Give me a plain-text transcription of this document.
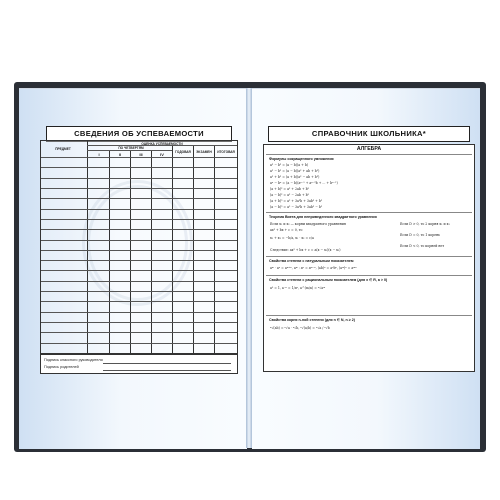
СВЕДЕНИЯ ОБ УСПЕВАЕМОСТИ
ПРЕДМЕТ
ОЦЕНКА УСПЕВАЕМОСТИ
ПО ЧЕТВЕРТЯМ
I	II	III	IV	ГОДОВАЯ	ЭКЗАМЕН	ИТОГОВАЯ
Подпись классного руководителя
Подпись родителей
СПРАВОЧНИК ШКОЛЬНИКА*
АЛГЕБРА
Формулы сокращенного умножения
a² − b² = (a − b)(a + b)
a³ − b³ = (a − b)(a² + ab + b²)
a³ + b³ = (a + b)(a² − ab + b²)
aⁿ − bⁿ = (a − b)(aⁿ⁻¹ + aⁿ⁻²b + ... + bⁿ⁻¹)
(a + b)² = a² + 2ab + b²
(a − b)² = a² − 2ab + b²
(a + b)³ = a³ + 3a²b + 3ab² + b³
(a − b)³ = a³ − 3a²b + 3ab² − b³
Теорема Виета для неприведенного квадратного уравнения
Если x₁ и x₂ — корни квадратного уравнения
ax² + bx + c = 0, то
x₁ + x₂ = −b/a, x₁ · x₂ = c/a
Следствие: ax² + bx + c = a(x − x₁)(x − x₂)
Если D > 0, то 2 корня x₁ и x₂
Если D = 0, то 1 корень
Если D < 0, то корней нет
Свойства степени с натуральным показателем
aᵐ · aⁿ = aᵐ⁺ⁿ, aᵐ : aⁿ = aᵐ⁻ⁿ, (ab)ⁿ = aⁿbⁿ, (aᵐ)ⁿ = aᵐⁿ
Свойства степени с рациональным показателем (для x ∈ R, a > 0)
a⁰ = 1, a⁻ⁿ = 1/aⁿ, a^(m/n) = ⁿ√aᵐ
Свойства корня n-ной степени (для n ∈ N, n ≥ 2)
ⁿ√(ab) = ⁿ√a · ⁿ√b, ⁿ√(a/b) = ⁿ√a / ⁿ√b
